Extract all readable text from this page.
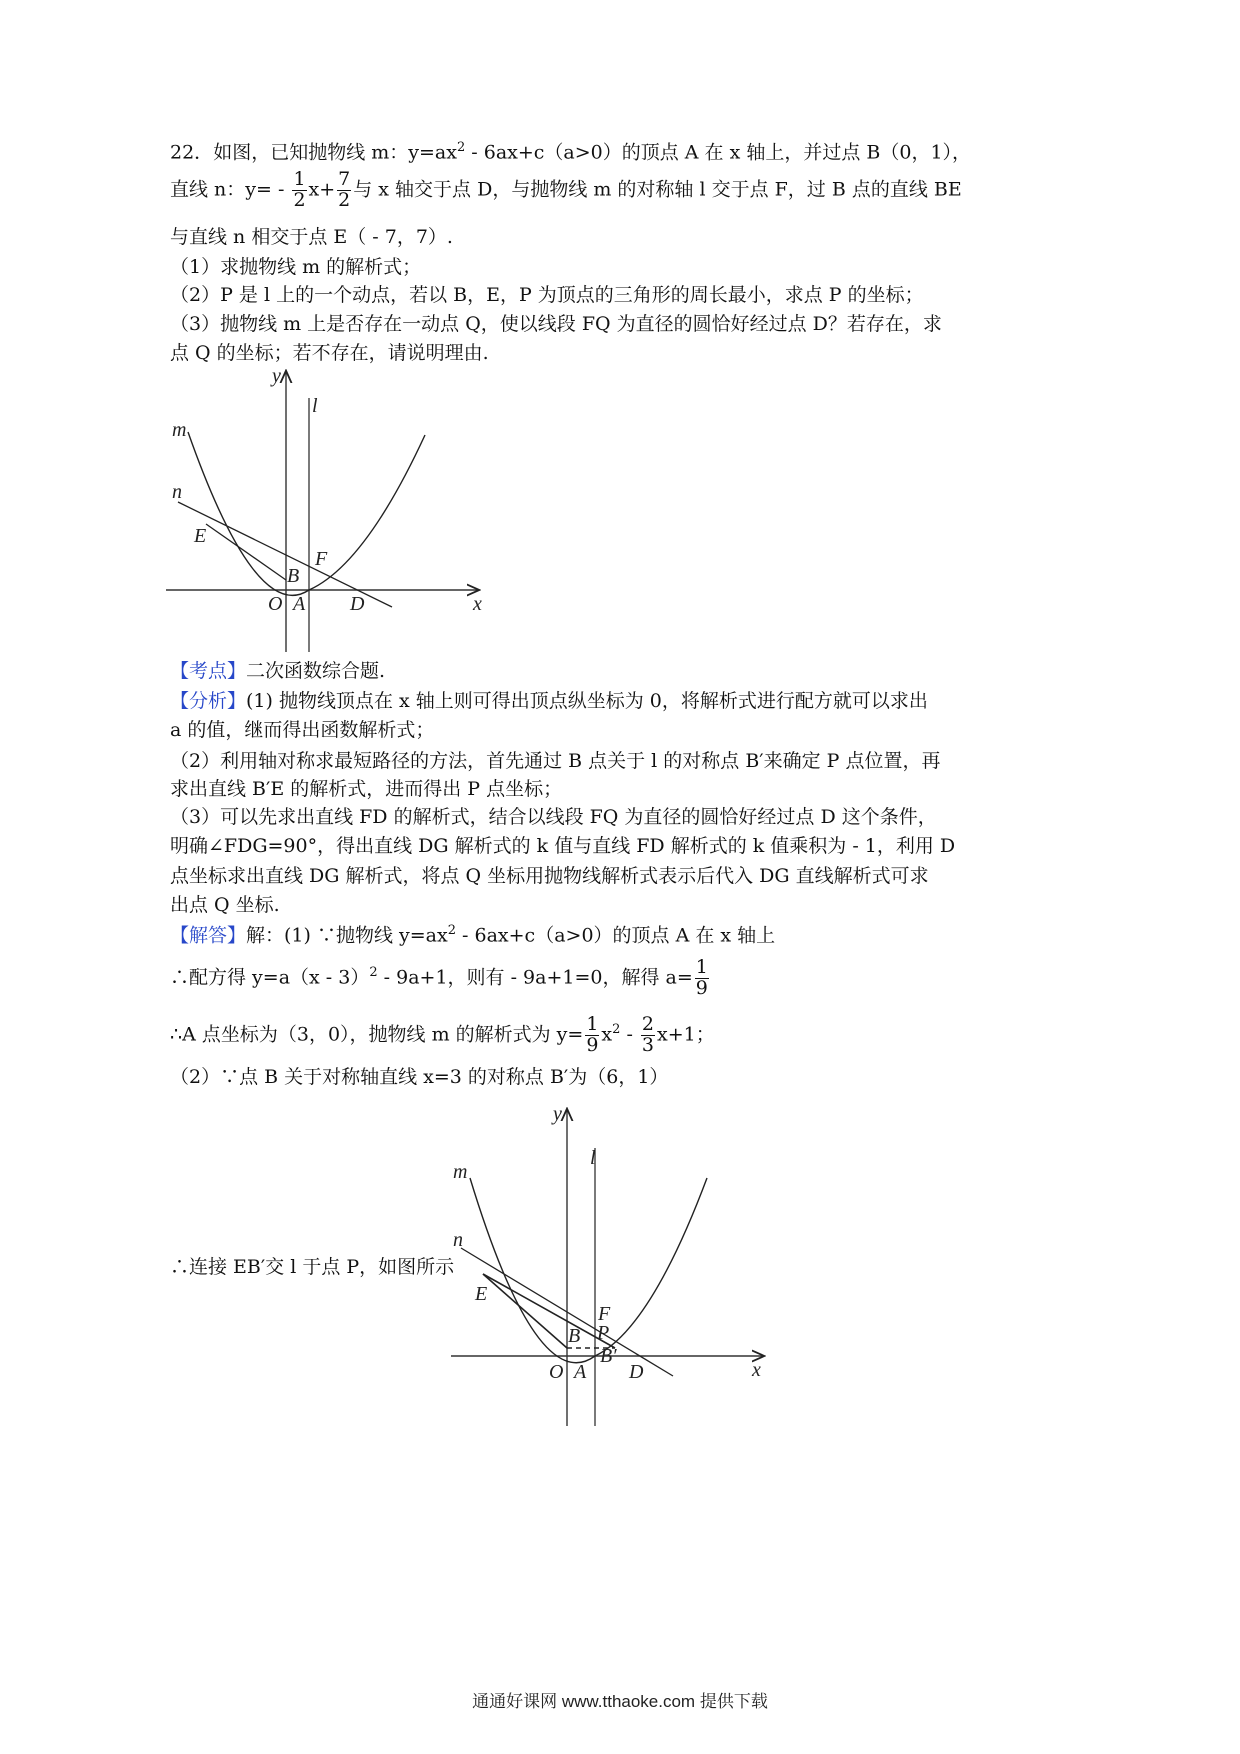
22．如图，已知抛物线 m：$y=ax^2 - 6ax+c(a>0)$的顶点 A 在 x 轴上，并过点 B（0，1），
直线 n：$y= - \frac{1}{2} x+ \frac{7}{2}$ 与 x 轴交于点 D，与抛物线 m 的对称轴 l 交于点 F，过 B 点的直线 BE
与直线 n 相交于点 E（ - 7，7）.
（1）求抛物线 m 的解析式；
（2）P 是 l 上的一个动点，若以 B，E，P 为顶点的三角形的周长最小，求点 P 的坐标；
（3）抛物线 m 上是否存在一动点 Q，使以线段 FQ 为直径的圆恰好经过点 D？若存在，求
点 Q 的坐标；若不存在，请说明理由.
y
l
m
n
E
F
B
O A D	x
【考点】二次函数综合题.
【分析】(1) 抛物线顶点在 x 轴上则可得出顶点纵坐标为 0，将解析式进行配方就可以求出
a 的值，继而得出函数解析式；
（2）利用轴对称求最短路径的方法，首先通过 B 点关于 l 的对称点 B′来确定 P 点位置，再
求出直线 B′E 的解析式，进而得出 P 点坐标；
（3）可以先求出直线 FD 的解析式，结合以线段 FQ 为直径的圆恰好经过点 D 这个条件，
明确∠FDG=90°，得出直线 DG 解析式的 k 值与直线 FD 解析式的 k 值乘积为 - 1，利用 D
点坐标求出直线 DG 解析式，将点 Q 坐标用抛物线解析式表示后代入 DG 直线解析式可求
出点 Q 坐标.
【解答】解：(1) ∵抛物线 $y=ax^2 - 6ax+c(a>0)$的顶点 A 在 x 轴上
∴配方得 y=a（x - 3）$^2$ - 9a+1，则有 - 9a+1=0，解得 $a= \frac{1}{9}$
∴A 点坐标为（3，0），抛物线 m 的解析式为 $y= \frac{1}{9} x^2 - \frac{2}{3} x+1$；
（2）∵点 B 关于对称轴直线 x=3 的对称点 B′为（6，1）
∴连接 EB′交 l 于点 P，如图所示
y
l
m
n
E
F
P
B
B′
O A D	x
通通好课网 www.tthaoke.com 提供下载
